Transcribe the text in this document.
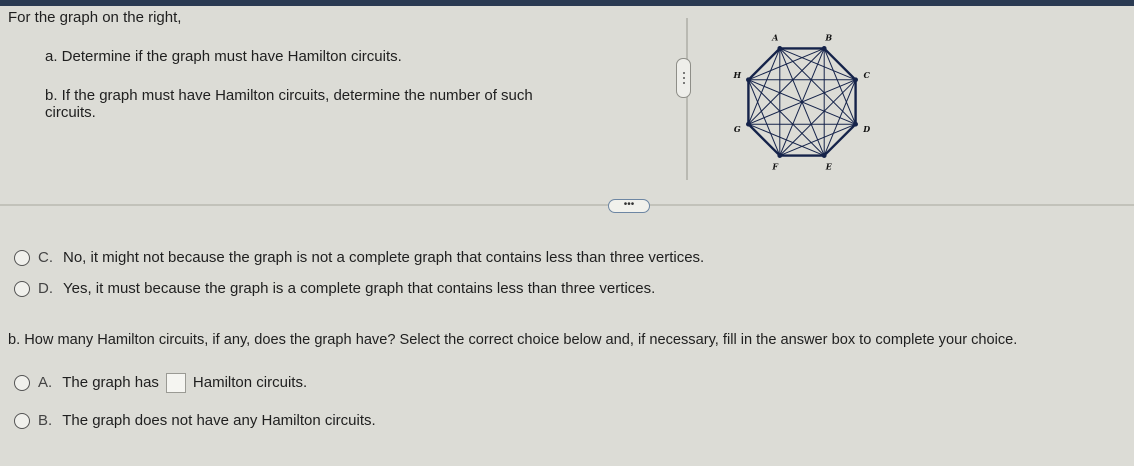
For the graph on the right,
a. Determine if the graph must have Hamilton circuits.
b. If the graph must have Hamilton circuits, determine the number of such
circuits.
A	B
C
D
E
F
G
H
•••
C. No, it might not because the graph is not a complete graph that contains less than three vertices.
D. Yes, it must because the graph is a complete graph that contains less than three vertices.
b. How many Hamilton circuits, if any, does the graph have? Select the correct choice below and, if necessary, fill in the answer box to complete your choice.
A. The graph has Hamilton circuits.
B. The graph does not have any Hamilton circuits.
